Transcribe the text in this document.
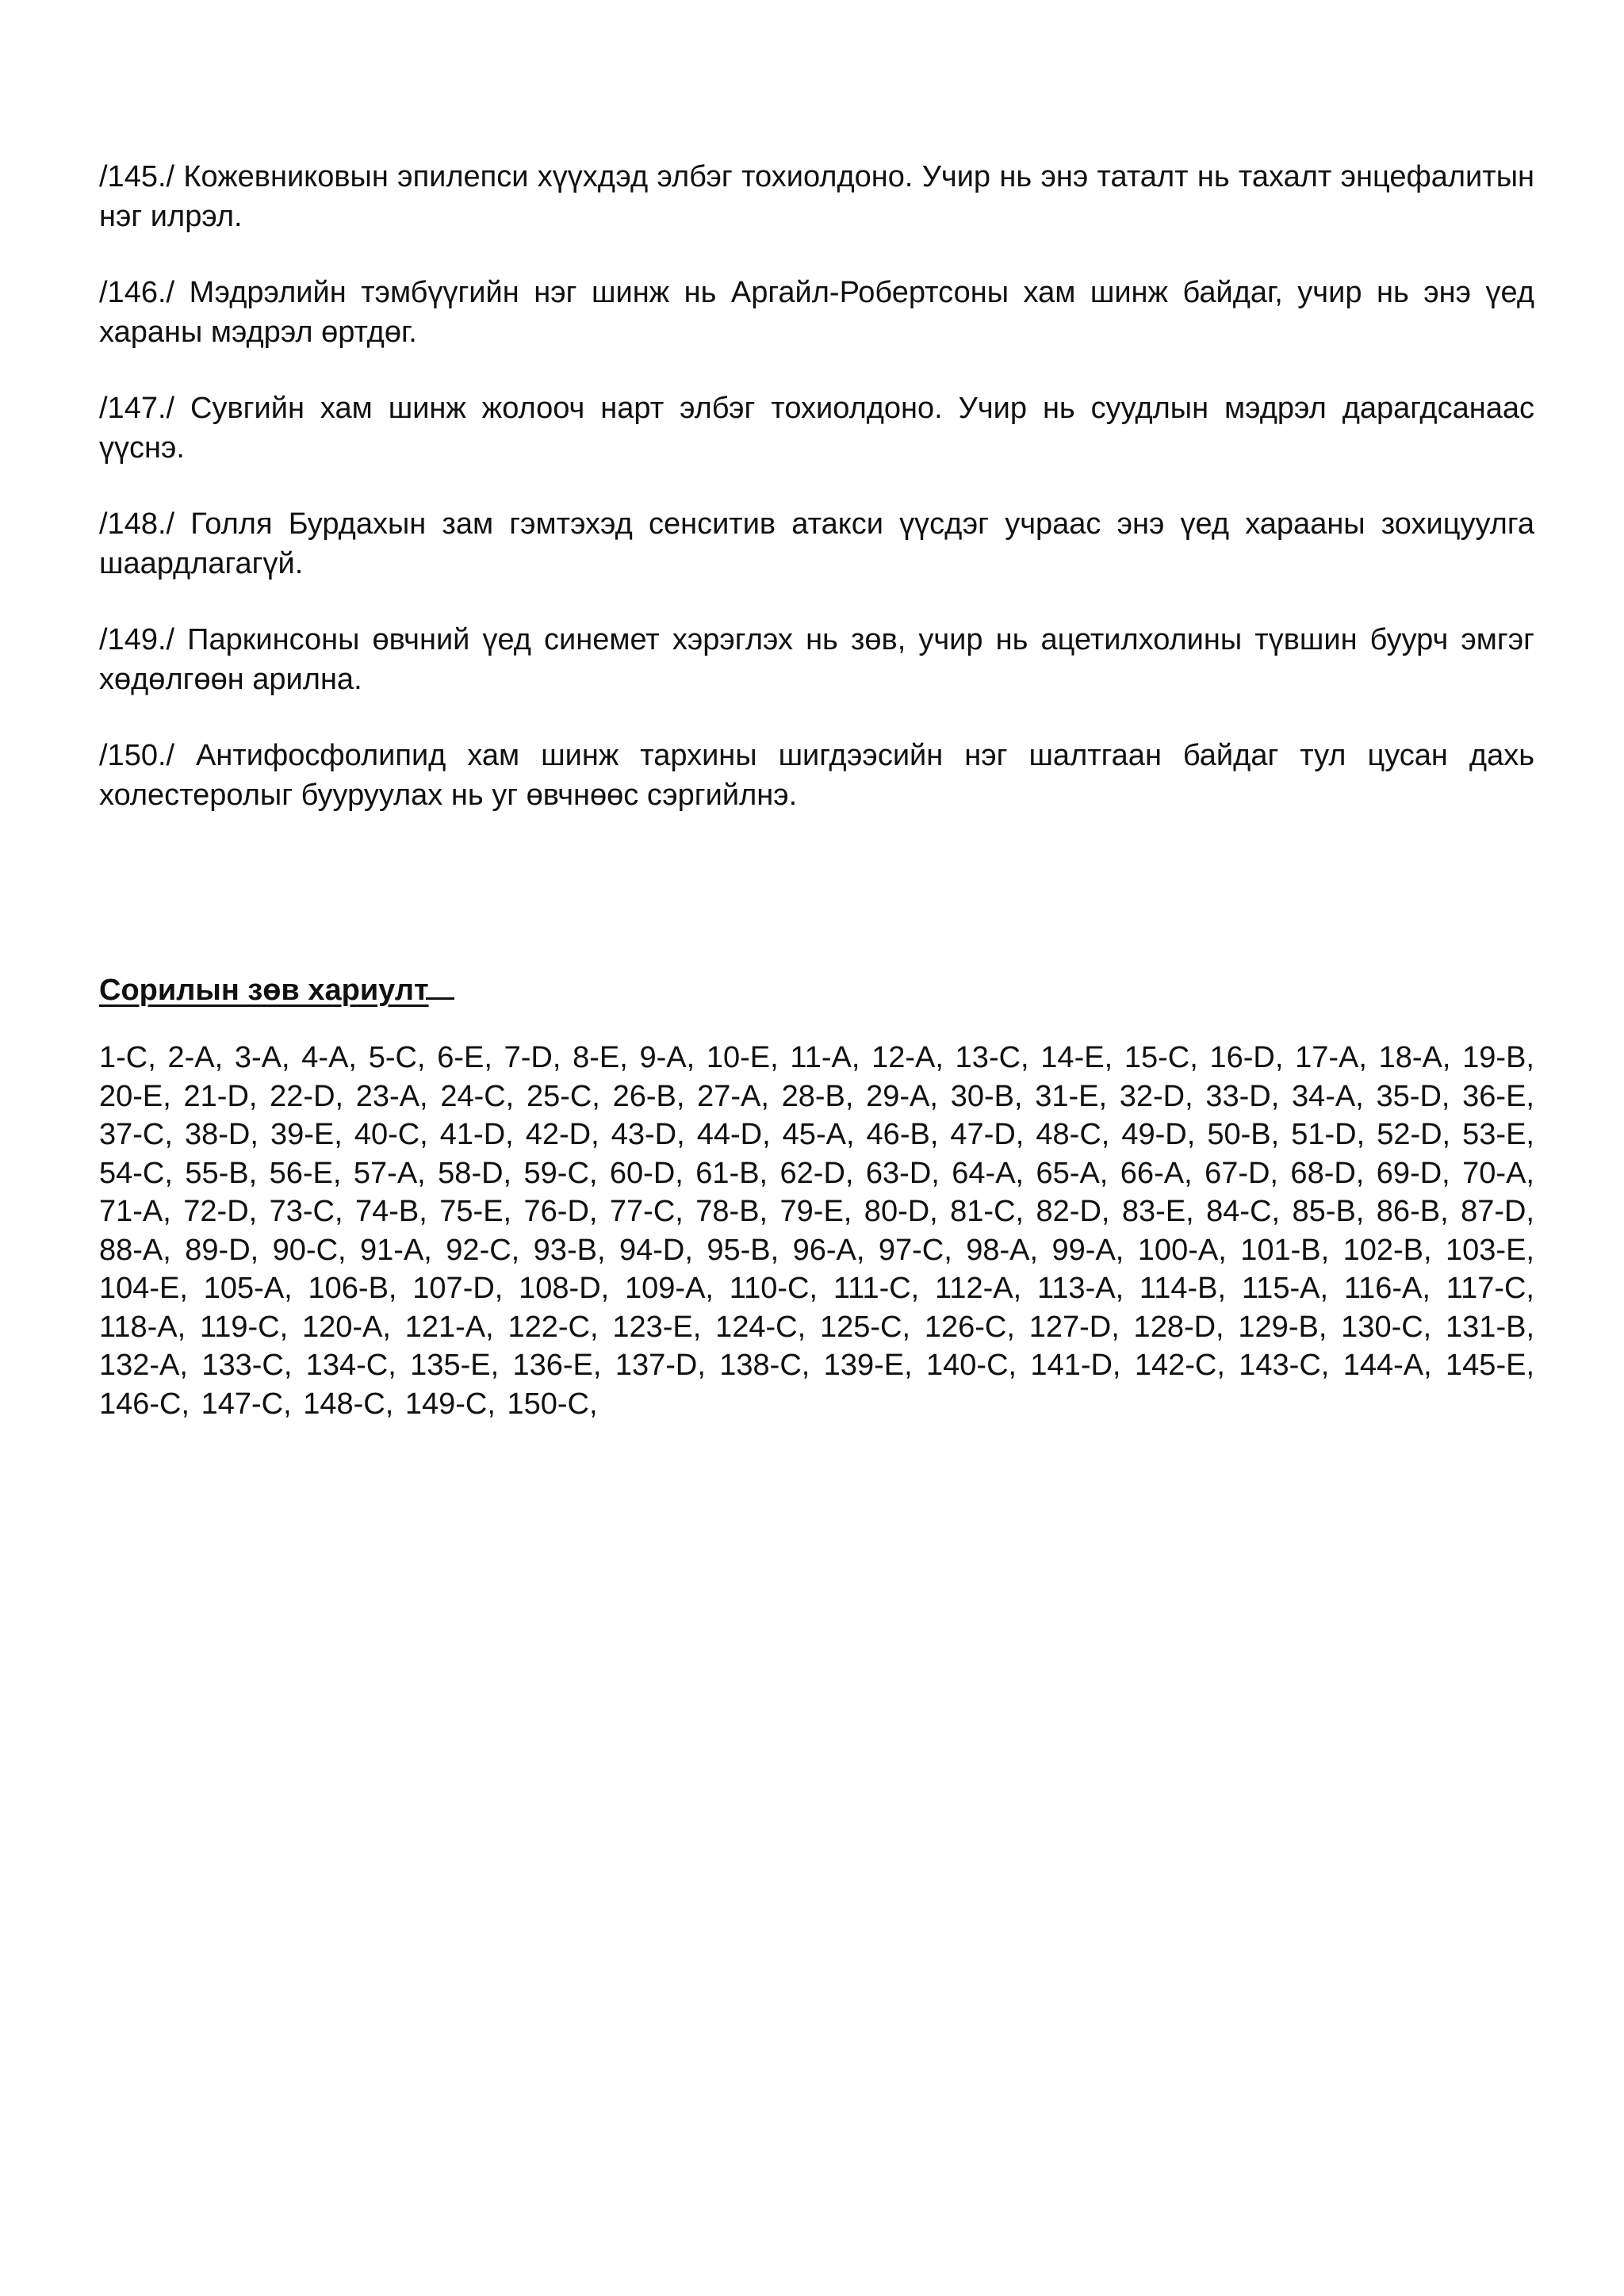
/145./ Кожевниковын эпилепси хүүхдэд элбэг тохиолдоно. Учир нь энэ таталт нь тахалт энцефалитын нэг илрэл.

/146./ Мэдрэлийн тэмбүүгийн нэг шинж нь Аргайл-Робертсоны хам шинж байдаг, учир нь энэ үед хараны мэдрэл өртдөг.

/147./ Сувгийн хам шинж жолооч нарт элбэг тохиолдоно. Учир нь суудлын мэдрэл дарагдсанаас үүснэ.

/148./ Голля Бурдахын зам гэмтэхэд сенситив атакси үүсдэг учраас энэ үед хараaны зохицуулга шаардлагагүй.

/149./ Паркинсоны өвчний үед синемет хэрэглэх нь зөв, учир нь ацетилхолины түвшин буурч эмгэг хөдөлгөөн арилна.

/150./ Антифосфолипид хам шинж тархины шигдээсийн нэг шалтгаан байдаг тул цусан дахь холестеролыг бууруулах нь уг өвчнөөс сэргийлнэ.

Сорилын зөв хариулт

1-C, 2-A, 3-A, 4-A, 5-C, 6-E, 7-D, 8-E, 9-A, 10-E, 11-A, 12-A, 13-C, 14-E, 15-C, 16-D, 17-A, 18-A, 19-B, 20-E, 21-D, 22-D, 23-A, 24-C, 25-C, 26-B, 27-A, 28-B, 29-A, 30-B, 31-E, 32-D, 33-D, 34-A, 35-D, 36-E, 37-C, 38-D, 39-E, 40-C, 41-D, 42-D, 43-D, 44-D, 45-A, 46-B, 47-D, 48-C, 49-D, 50-B, 51-D, 52-D, 53-E, 54-C, 55-B, 56-E, 57-A, 58-D, 59-C, 60-D, 61-B, 62-D, 63-D, 64-A, 65-A, 66-A, 67-D, 68-D, 69-D, 70-A, 71-A, 72-D, 73-C, 74-B, 75-E, 76-D, 77-C, 78-B, 79-E, 80-D, 81-C, 82-D, 83-E, 84-C, 85-B, 86-B, 87-D, 88-A, 89-D, 90-C, 91-A, 92-C, 93-B, 94-D, 95-B, 96-A, 97-C, 98-A, 99-A, 100-A, 101-B, 102-B, 103-E, 104-E, 105-A, 106-B, 107-D, 108-D, 109-A, 110-C, 111-C, 112-A, 113-A, 114-B, 115-A, 116-A, 117-C, 118-A, 119-C, 120-A, 121-A, 122-C, 123-E, 124-C, 125-C, 126-C, 127-D, 128-D, 129-B, 130-C, 131-B, 132-A, 133-C, 134-C, 135-E, 136-E, 137-D, 138-C, 139-E, 140-C, 141-D, 142-C, 143-C, 144-A, 145-E, 146-C, 147-C, 148-C, 149-C, 150-C,
